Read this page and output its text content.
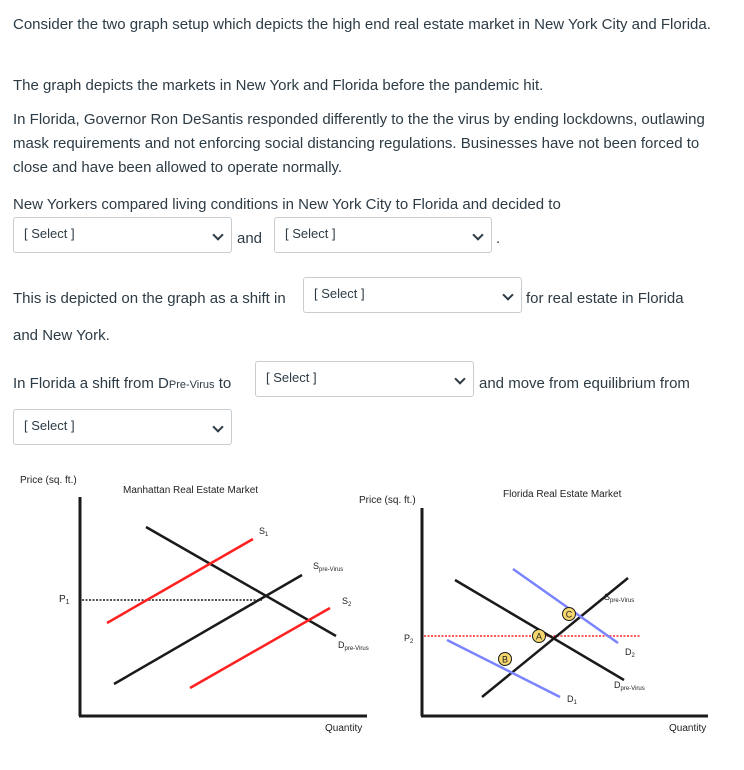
Consider the two graph setup which depicts the high end real estate market in New York City and Florida.

The graph depicts the markets in New York and Florida before the pandemic hit.

In Florida, Governor Ron DeSantis responded differently to the the virus by ending lockdowns, outlawing mask requirements and not enforcing social distancing regulations. Businesses have not been forced to close and have been allowed to operate normally.

New Yorkers compared living conditions in New York City to Florida and decided to

[ Select ]	and	[ Select ]	.
This is depicted on the graph as a shift in	[ Select ]	for real estate in Florida
and New York.
In Florida a shift from DPre-Virus to	[ Select ]	and move from equilibrium from
[ Select ]
Price (sq. ft.)
Manhattan Real Estate Market
Quantity
$P_1$
$S_1$
$S_{pre-Virus}$
$S_2$
$D_{pre-Virus}$
Price (sq. ft.)
Florida Real Estate Market
Quantity
$P_2$
A
B
C
$S_{pre-Virus}$
$D_2$
$D_{pre-Virus}$
$D_1$
